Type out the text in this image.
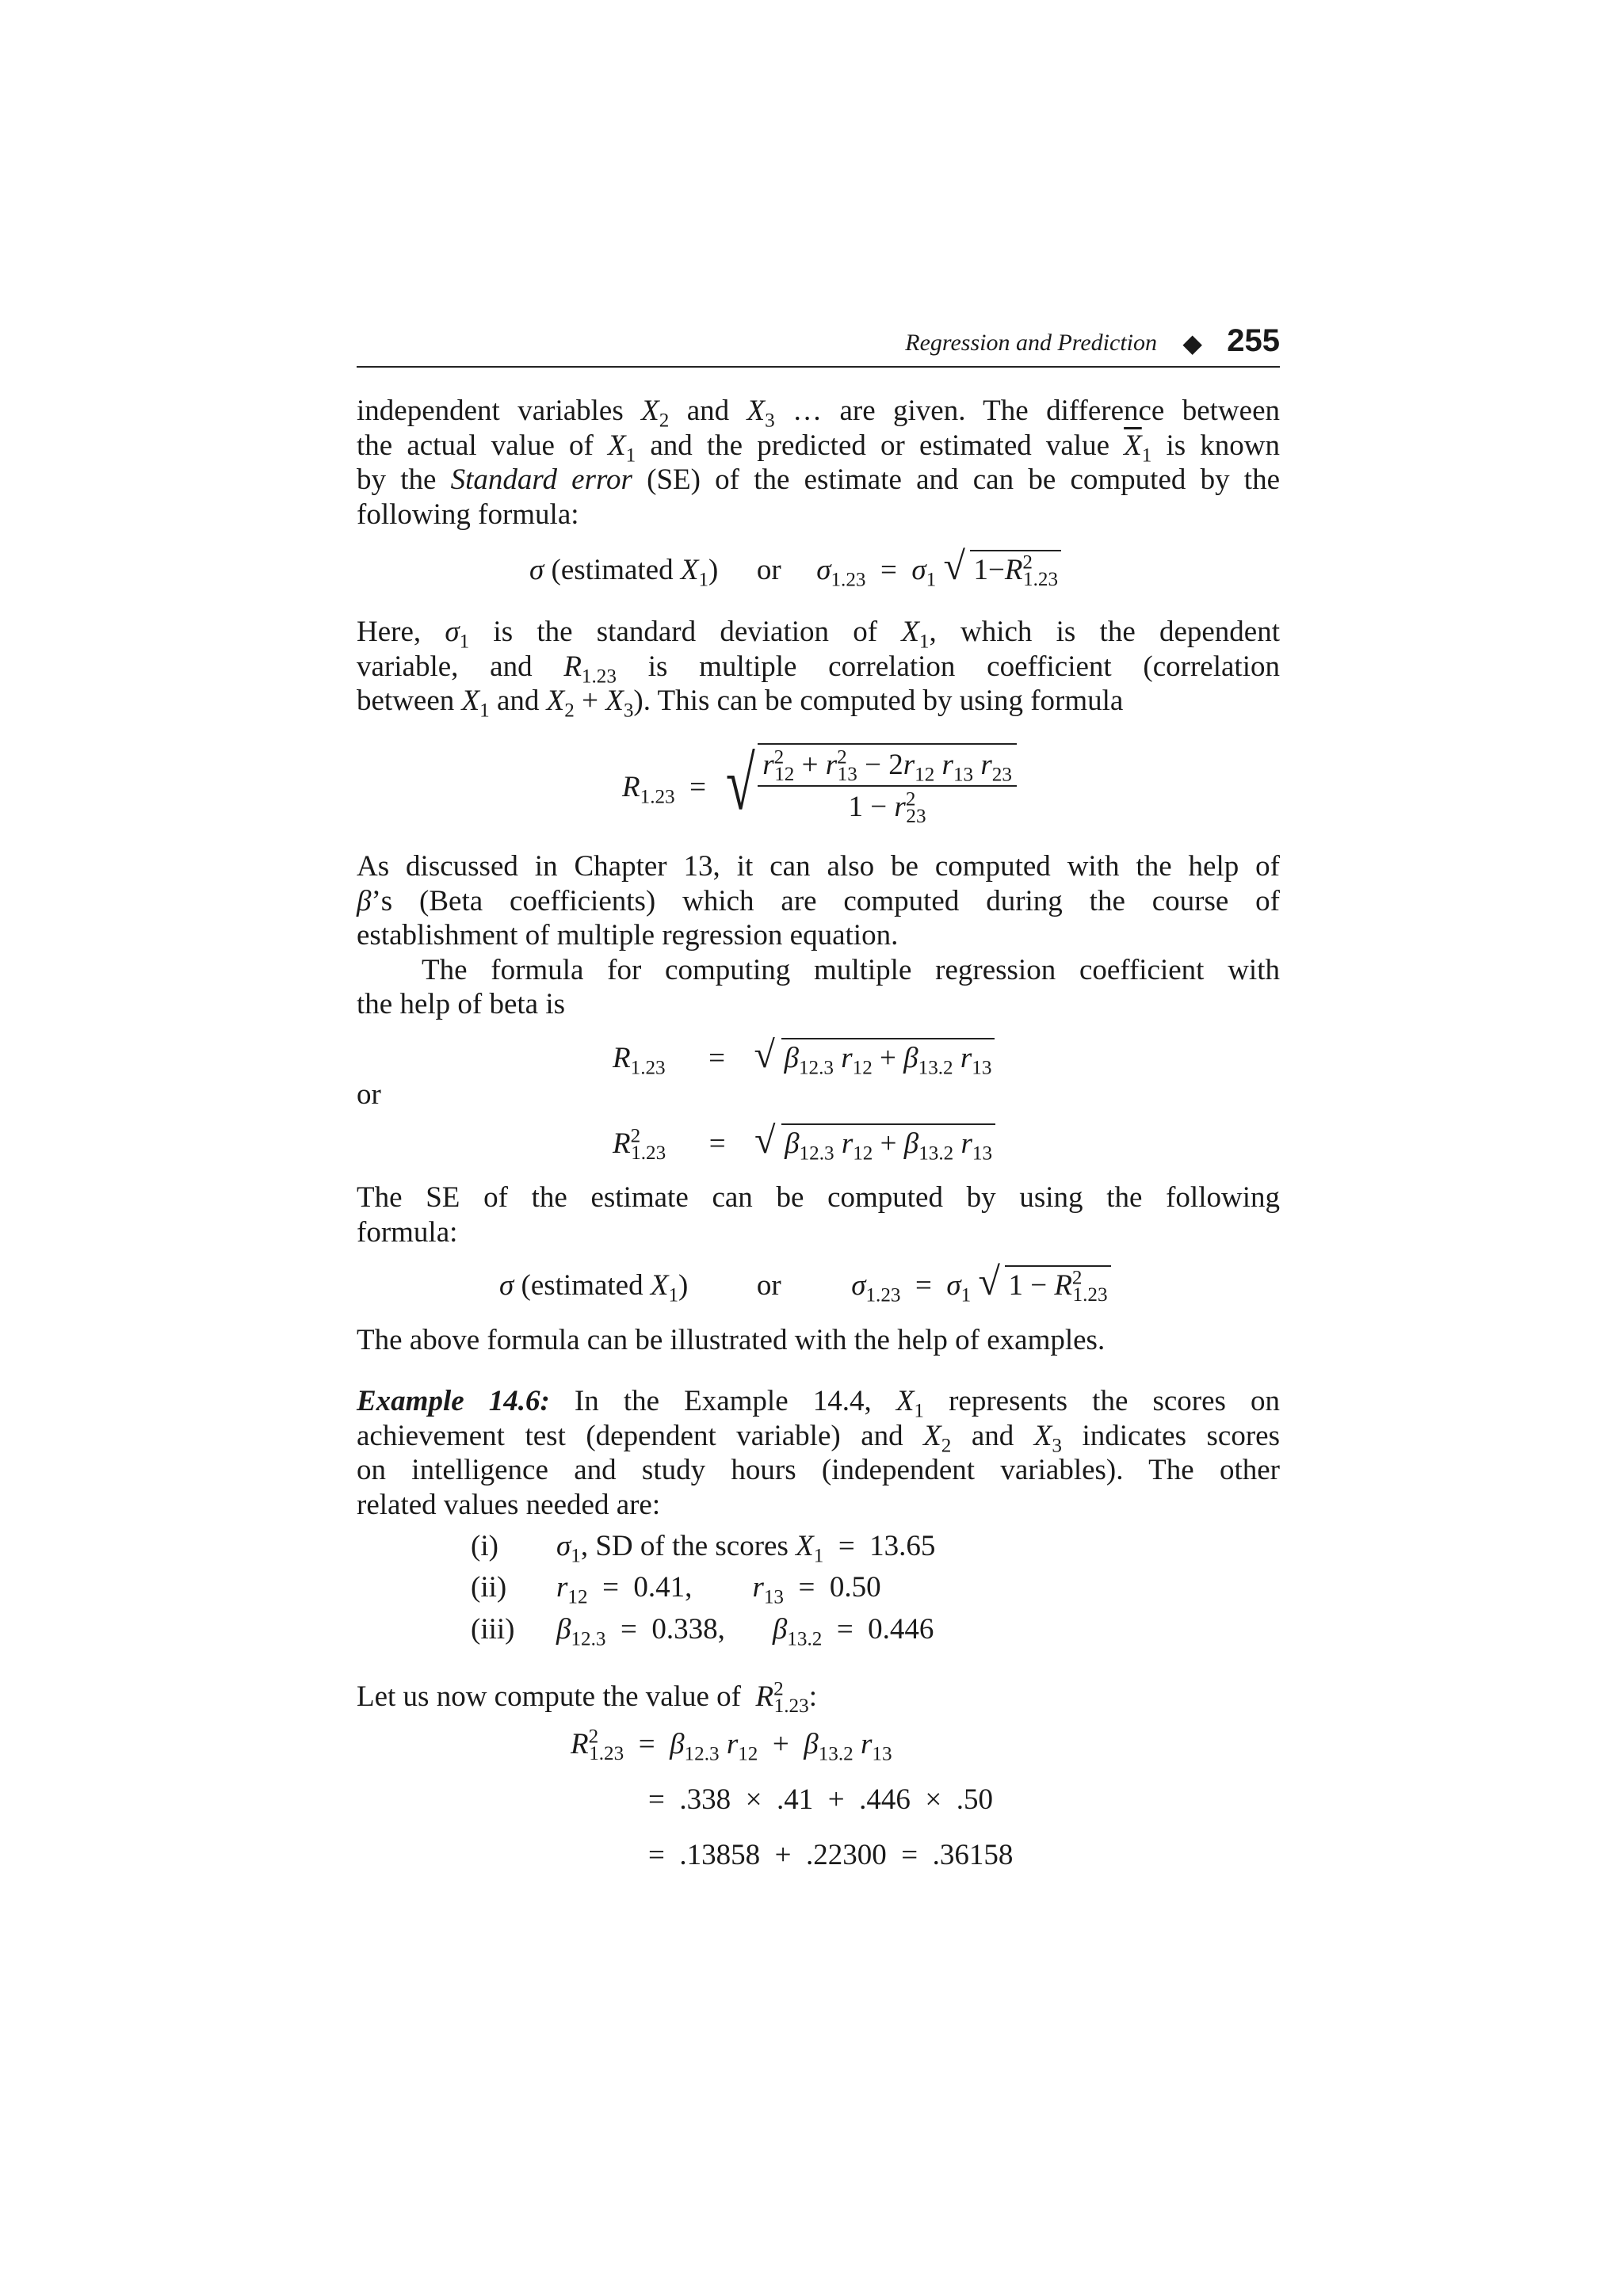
Regression and Prediction ◆ 255

independent variables $X_2$ and $X_3$ … are given. The difference between

the actual value of $X_1$ and the predicted or estimated value $\overline{X}_1$ is known

by the Standard error (SE) of the estimate and can be computed by the

following formula:

σ (estimated $X_1$)  or $\sigma_{1.23} = \sigma_1$ √ $1-R^2_{1.23}$

Here, $\sigma_1$ is the standard deviation of $X_1$, which is the dependent

variable, and $R_{1.23}$ is multiple correlation coefficient (correlation

between $X_1$ and $X_2 + X_3$). This can be computed by using formula

$R_{1.23}$  = √ $\frac{r^2_{12} + r^2_{13} - 2r_{12} r_{13} r_{23}}{1 - r^2_{23}}$

As discussed in Chapter 13, it can also be computed with the help of

β’s (Beta coefficients) which are computed during the course of

establishment of multiple regression equation.

The formula for computing multiple regression coefficient with

the help of beta is

$R_{1.23}$ = √ $\beta_{12.3}$ $r_{12} + \beta_{13.2}$ $r_{13}$
or
$R^2_{1.23}$ = √ $\beta_{12.3}$ $r_{12} + \beta_{13.2}$ $r_{13}$

The SE of the estimate can be computed by using the following

formula:

σ (estimated $X_1$)  or $\sigma_{1.23} = \sigma_1$ √ $1 - R^2_{1.23}$

The above formula can be illustrated with the help of examples.

Example 14.6: In the Example 14.4, $X_1$ represents the scores on

achievement test (dependent variable) and $X_2$ and $X_3$ indicates scores

on intelligence and study hours (independent variables). The other

related values needed are:

(i) $\sigma_1$, SD of the scores $X_1 = 13.65$
(ii) $r_{12} = 0.41$, $r_{13} = 0.50$
(iii) $\beta_{12.3} = 0.338$, $\beta_{13.2} = 0.446$

Let us now compute the value of  $R^2_{1.23}$:

$R^2_{1.23} = \beta_{12.3}$ $r_{12} + \beta_{13.2}$ $r_{13}$
=  .338  ×  .41  +  .446  ×  .50
=  .13858  +  .22300  =  .36158
